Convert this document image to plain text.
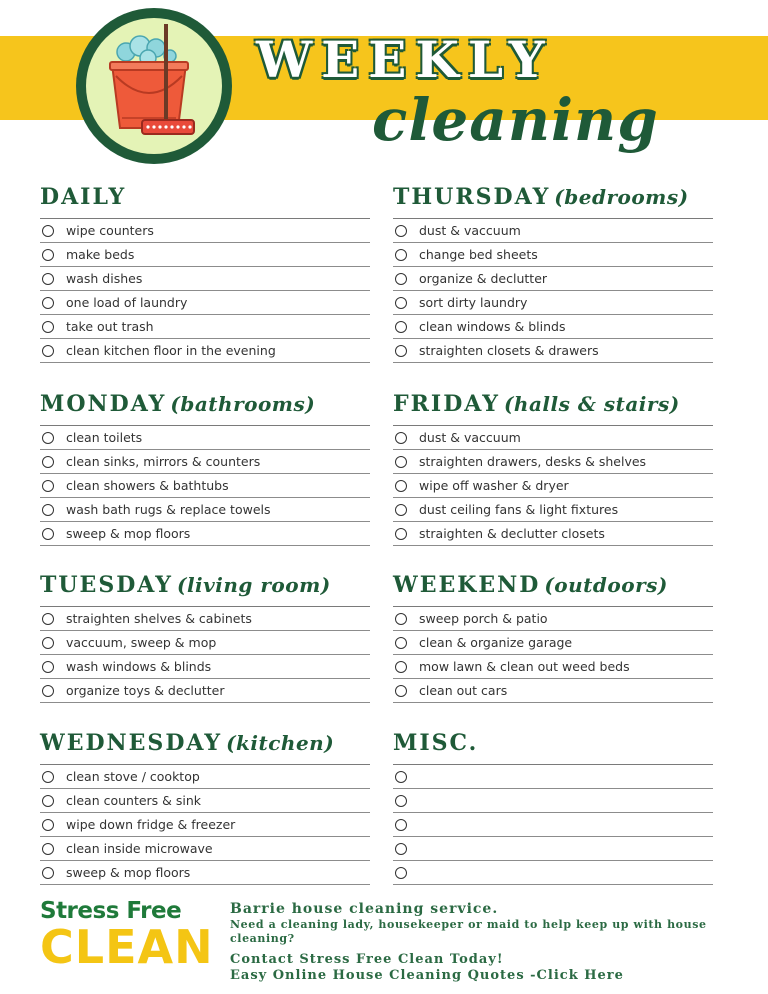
WEEKLY
cleaning
DAILY
wipe counters
make beds
wash dishes
one load of laundry
take out trash
clean kitchen floor in the evening
MONDAY (bathrooms)
clean toilets
clean sinks, mirrors & counters
clean showers & bathtubs
wash bath rugs & replace towels
sweep & mop floors
TUESDAY (living room)
straighten shelves & cabinets
vaccuum, sweep & mop
wash windows & blinds
organize toys & declutter
WEDNESDAY (kitchen)
clean stove / cooktop
clean counters & sink
wipe down fridge & freezer
clean inside microwave
sweep & mop floors
THURSDAY (bedrooms)
dust & vaccuum
change bed sheets
organize & declutter
sort dirty laundry
clean windows & blinds
straighten closets & drawers
FRIDAY (halls & stairs)
dust & vaccuum
straighten drawers, desks & shelves
wipe off washer & dryer
dust ceiling fans & light fixtures
straighten & declutter closets
WEEKEND (outdoors)
sweep porch & patio
clean & organize garage
mow lawn & clean out weed beds
clean out cars
MISC.
Stress Free
CLEAN
Barrie house cleaning service.
Need a cleaning lady, housekeeper or maid to help keep up with house cleaning?
Contact Stress Free Clean Today!
Easy Online House Cleaning Quotes -Click Here
